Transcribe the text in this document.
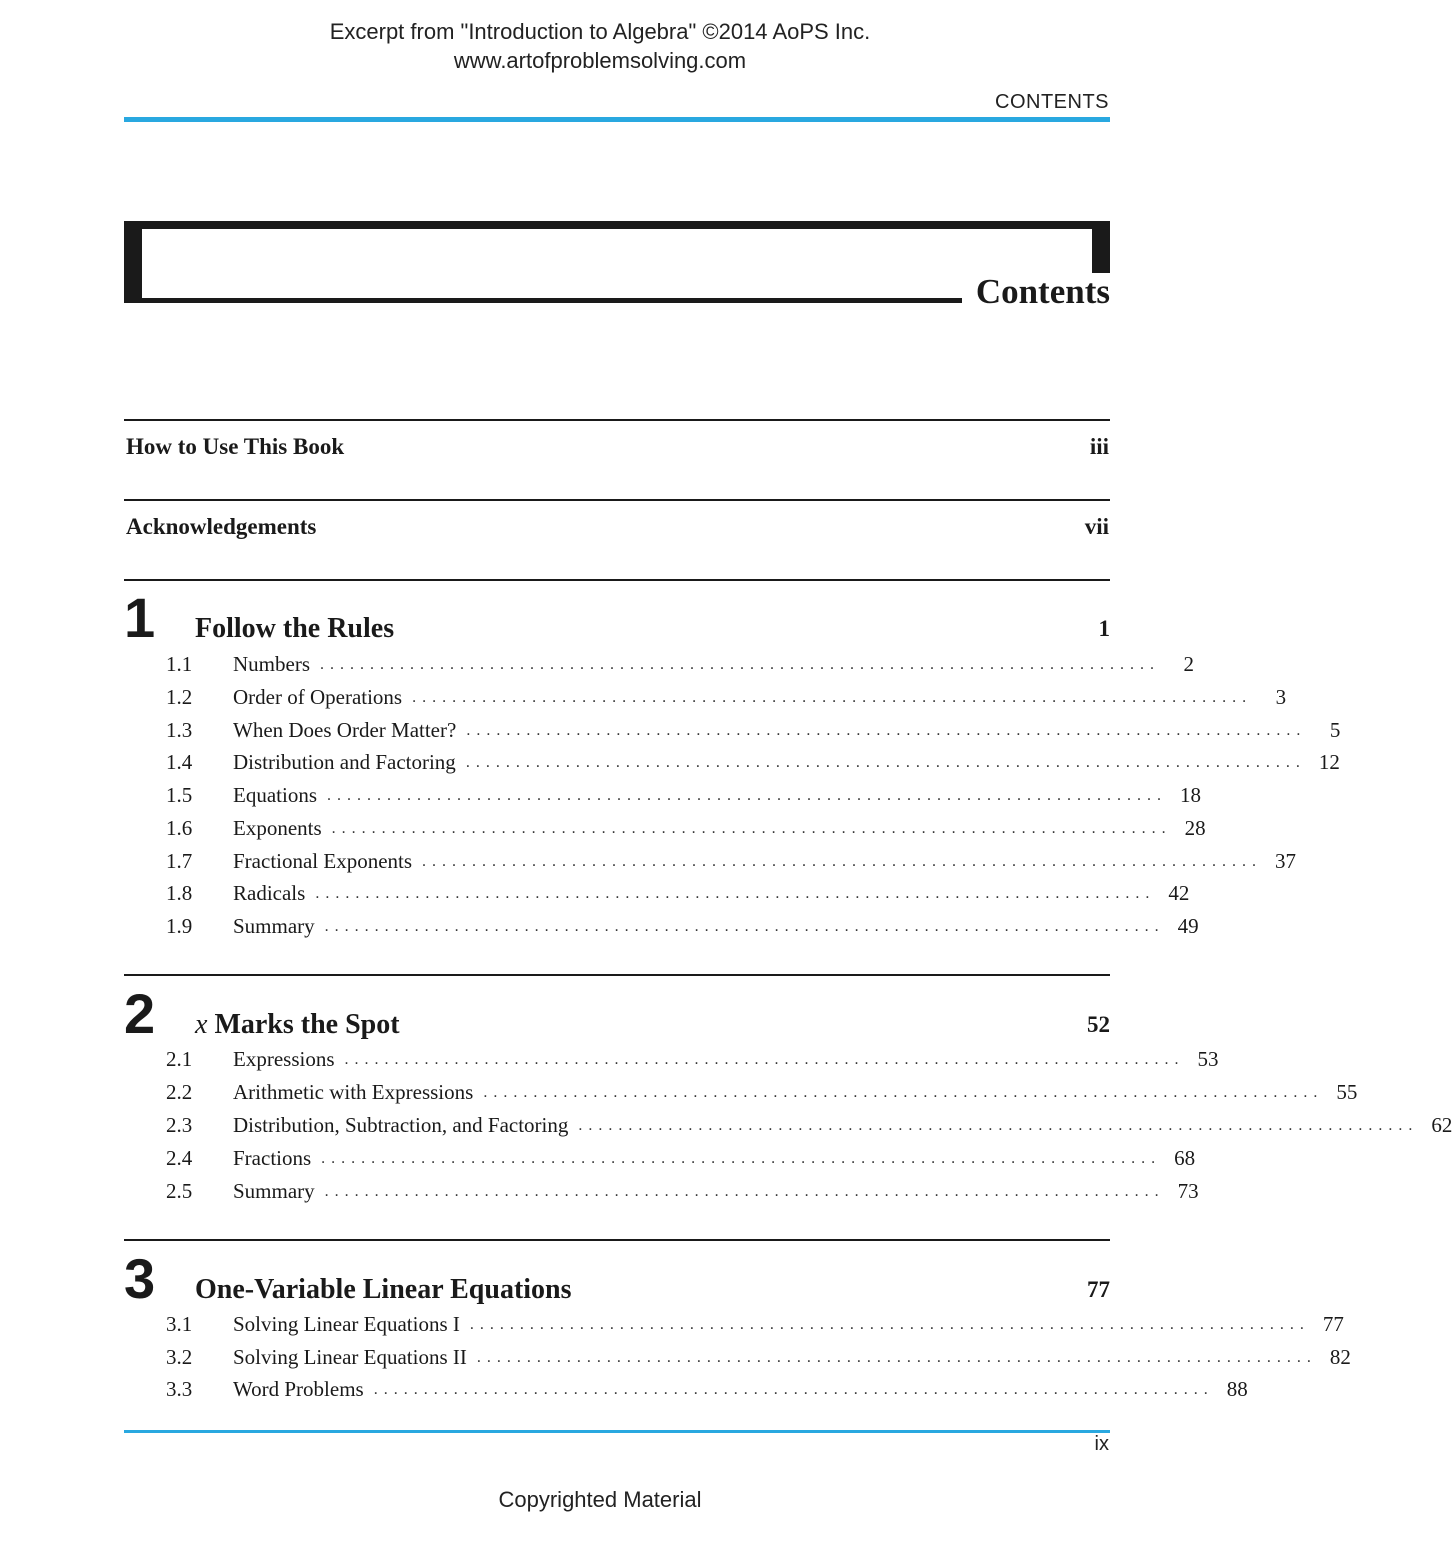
Excerpt from "Introduction to Algebra" ©2014 AoPS Inc.
www.artofproblemsolving.com
CONTENTS
Contents
How to Use This Book	iii
Acknowledgements	vii
1 Follow the Rules	1
1.1	Numbers ....................................................................................	2
1.2	Order of Operations ....................................................................................	3
1.3	When Does Order Matter? ....................................................................................	5
1.4	Distribution and Factoring .................................................................................... 12
1.5	Equations .................................................................................... 18
1.6	Exponents .................................................................................... 28
1.7	Fractional Exponents .................................................................................... 37
1.8	Radicals .................................................................................... 42
1.9	Summary .................................................................................... 49
2 x Marks the Spot	52
2.1	Expressions .................................................................................... 53
2.2	Arithmetic with Expressions .................................................................................... 55
2.3	Distribution, Subtraction, and Factoring .................................................................................... 62
2.4	Fractions .................................................................................... 68
2.5	Summary .................................................................................... 73
3 One-Variable Linear Equations	77
3.1	Solving Linear Equations I .................................................................................... 77
3.2	Solving Linear Equations II .................................................................................... 82
3.3	Word Problems .................................................................................... 88
ix
Copyrighted Material
